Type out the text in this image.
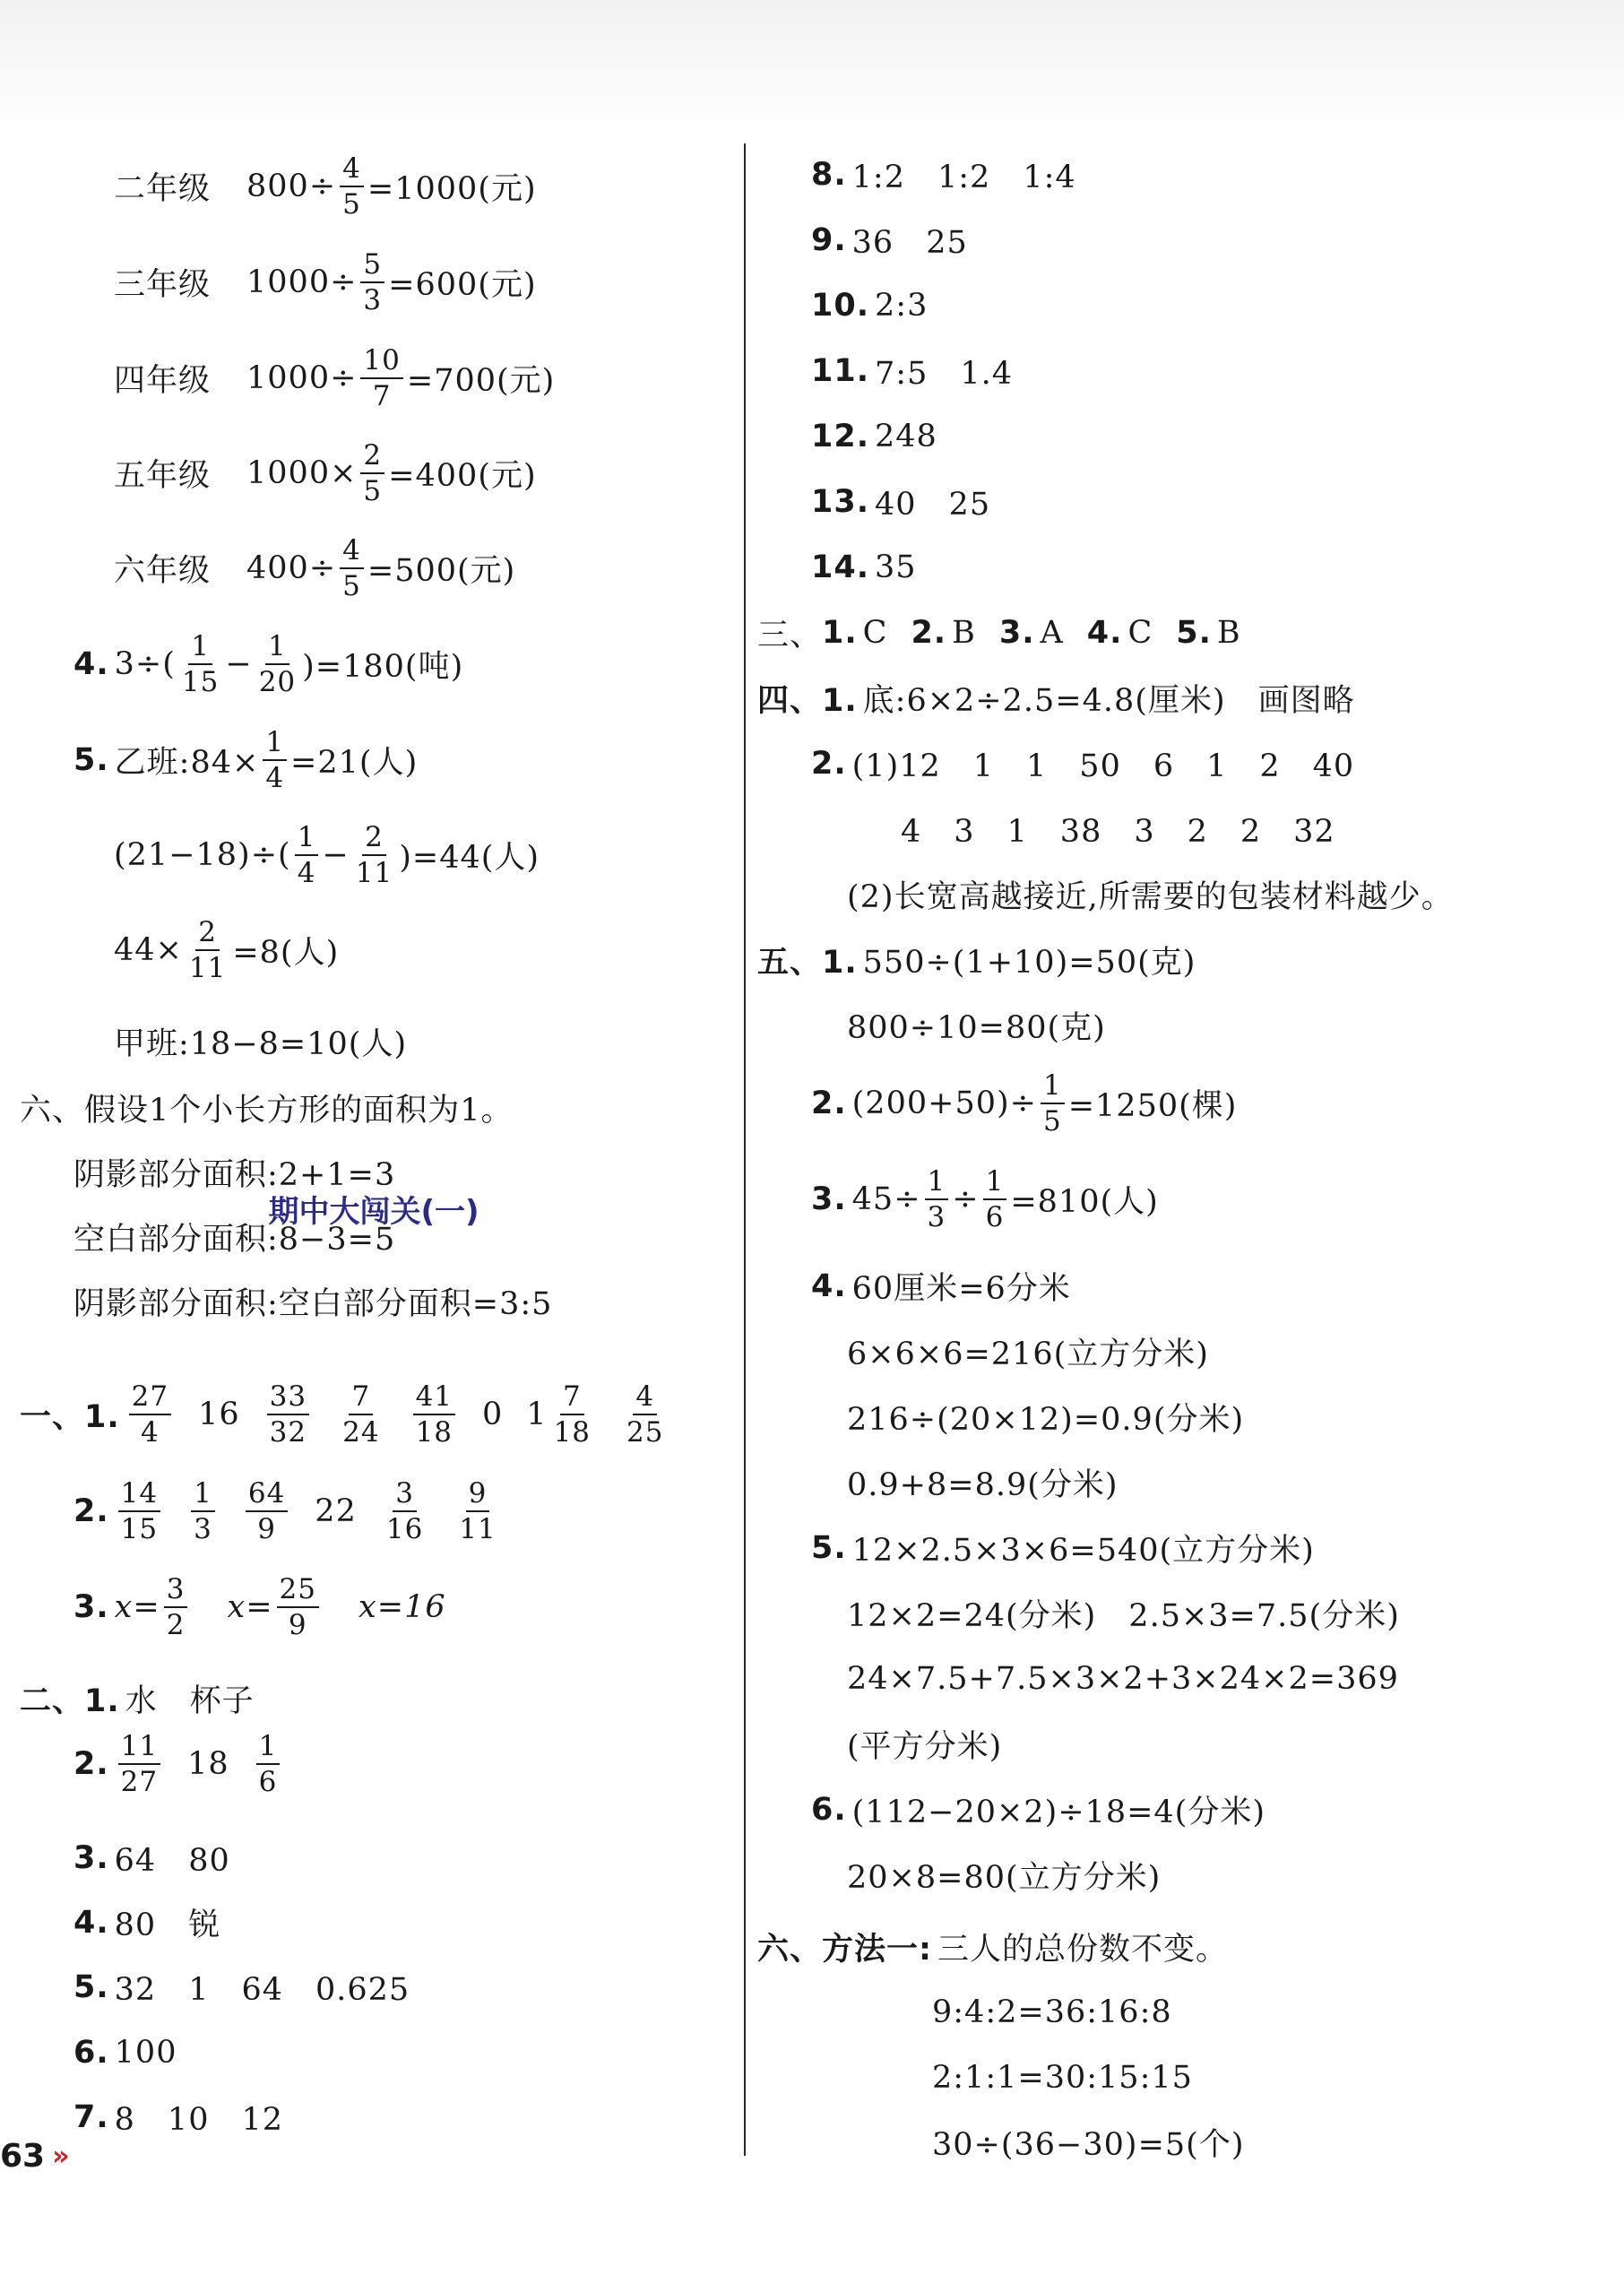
二年级 $800\div \frac{4}{5} =1000$(元)
三年级 $1000\div \frac{5}{3} =600$(元)
四年级 $1000\div \frac{10}{7} =700$(元)
五年级 $1000\times \frac{2}{5} =400$(元)
六年级 $400\div \frac{4}{5} =500$(元)
4. $3\div( \frac{1}{15} - \frac{1}{20} )=180$(吨)
5. 乙班:84× $\frac{1}{4} =21$(人)
$(21-18)\div( \frac{1}{4} - \frac{2}{11} )=44$(人)
$44\times \frac{2}{11} =8$(人)
甲班:18−8=10(人)
六、假设1个小长方形的面积为1。
阴影部分面积:2+1=3
空白部分面积:8−3=5
阴影部分面积:空白部分面积=3:5
期中大闯关(一)
一、1. $\frac{27}{4} 16 \frac{33}{32} \frac{7}{24} \frac{41}{18} 0$ $1 \frac{7}{18} \frac{4}{25}$
2. $\frac{14}{15} \frac{1}{3} \frac{64}{9} 22 \frac{3}{16} \frac{9}{11}$
3. $x= \frac{3}{2} x= \frac{25}{9} x=16$
二、1. 水　杯子
2. $\frac{11}{27} 18 \frac{1}{6}$
3. 64　80
4. 80　锐
5. 32　1　64　0.625
6. 100
7. 8　10　12
63 »
8. 1:2　1:2　1:4
9. 36　25
10. 2:3
11. 7:5　1.4
12. 248
13. 40　25
14. 35
三、 1. C 2. B 3. A 4. C 5. B
四、1. 底:6×2÷2.5=4.8(厘米)　画图略
2. (1)12　1　1　50　6　1　2　40
4　3　1　38　3　2　2　32
(2)长宽高越接近,所需要的包装材料越少。
五、1. 550÷(1+10)=50(克)
800÷10=80(克)
2. $(200+50)\div \frac{1}{5} =1250$(棵)
3. $45\div \frac{1}{3} \div \frac{1}{6} =810$(人)
4. 60厘米=6分米
6×6×6=216(立方分米)
216÷(20×12)=0.9(分米)
0.9+8=8.9(分米)
5. 12×2.5×3×6=540(立方分米)
12×2=24(分米)　2.5×3=7.5(分米)
24×7.5+7.5×3×2+3×24×2=369
(平方分米)
6. (112−20×2)÷18=4(分米)
20×8=80(立方分米)
六、方法一: 三人的总份数不变。
9:4:2=36:16:8
2:1:1=30:15:15
30÷(36−30)=5(个)
